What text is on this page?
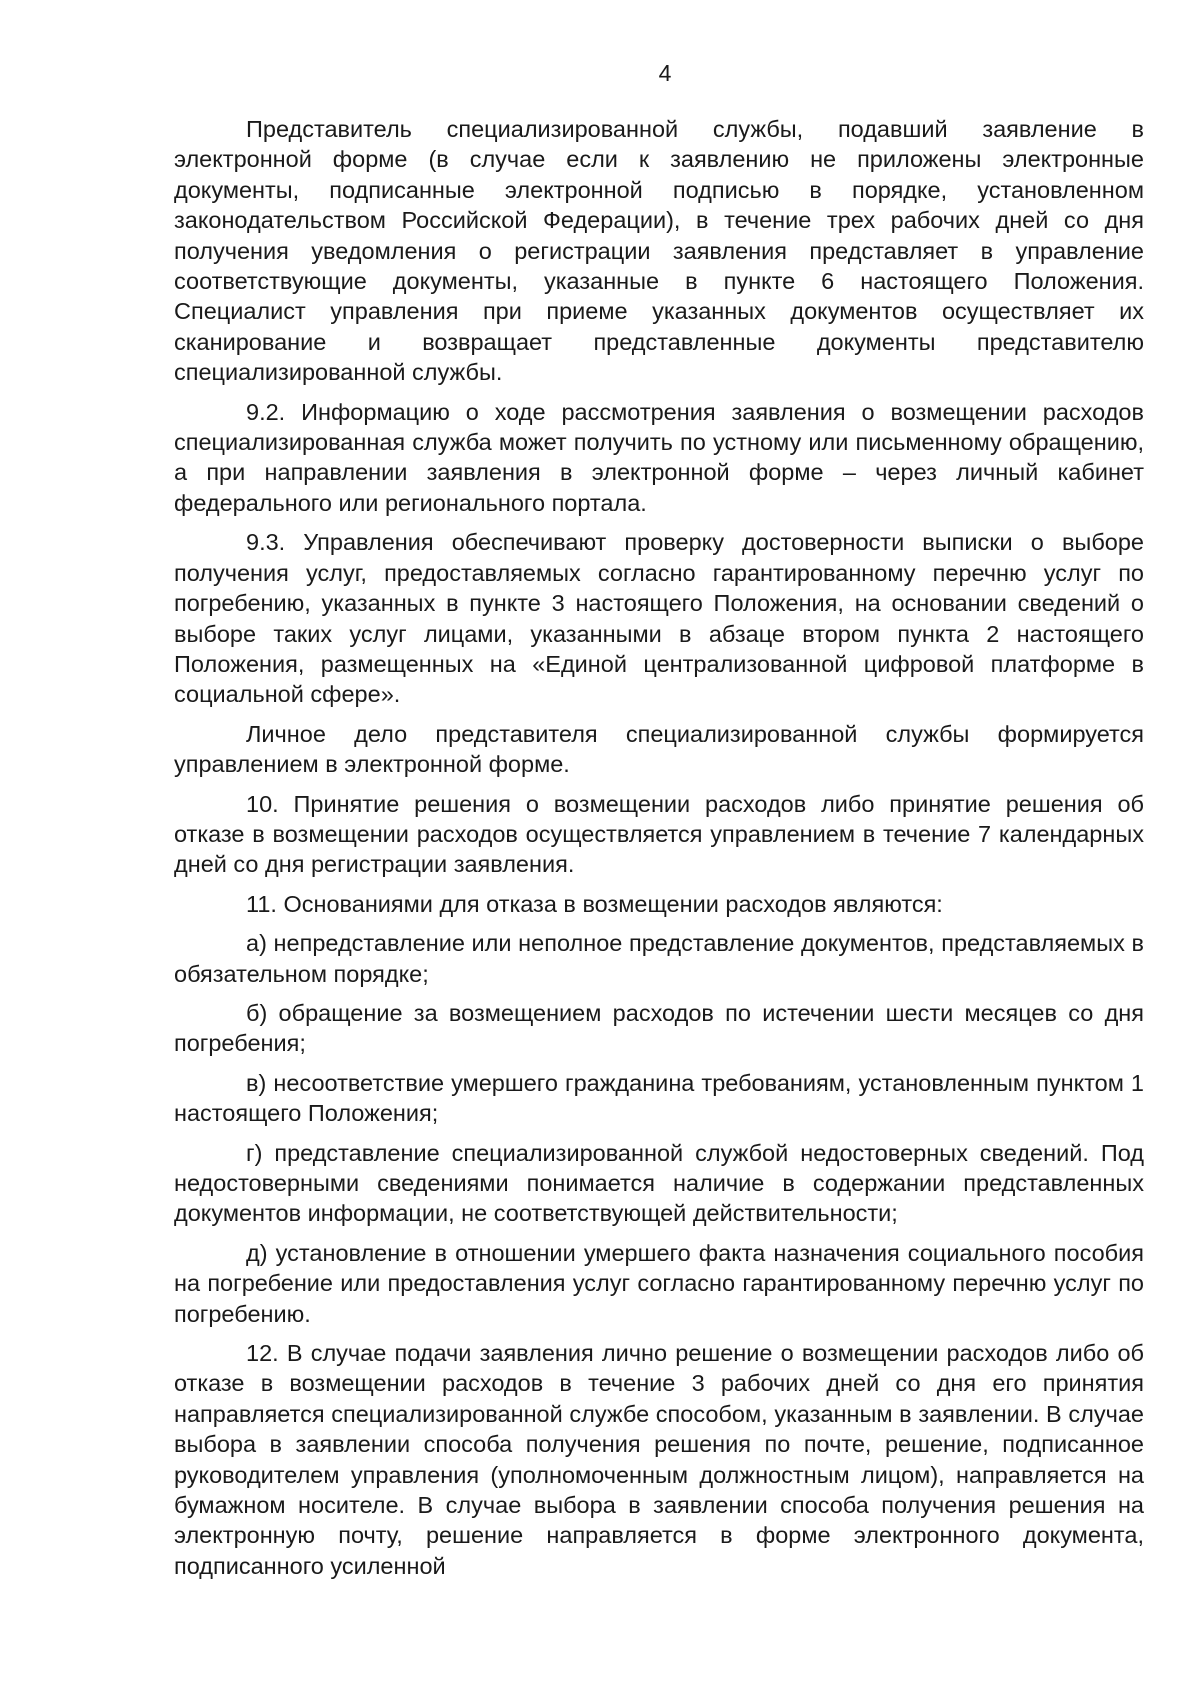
4

Представитель специализированной службы, подавший заявление в электронной форме (в случае если к заявлению не приложены электронные документы, подписанные электронной подписью в порядке, установленном законодательством Российской Федерации), в течение трех рабочих дней со дня получения уведомления о регистрации заявления представляет в управление соответствующие документы, указанные в пункте 6 настоящего Положения. Специалист управления при приеме указанных документов осуществляет их сканирование и возвращает представленные документы представителю специализированной службы.

9.2. Информацию о ходе рассмотрения заявления о возмещении расходов специализированная служба может получить по устному или письменному обращению, а при направлении заявления в электронной форме – через личный кабинет федерального или регионального портала.

9.3. Управления обеспечивают проверку достоверности выписки о выборе получения услуг, предоставляемых согласно гарантированному перечню услуг по погребению, указанных в пункте 3 настоящего Положения, на основании сведений о выборе таких услуг лицами, указанными в абзаце втором пункта 2 настоящего Положения, размещенных на «Единой централизованной цифровой платформе в социальной сфере».

Личное дело представителя специализированной службы формируется управлением в электронной форме.

10. Принятие решения о возмещении расходов либо принятие решения об отказе в возмещении расходов осуществляется управлением в течение 7 календарных дней со дня регистрации заявления.

11. Основаниями для отказа в возмещении расходов являются:

а) непредставление или неполное представление документов, представляемых в обязательном порядке;

б) обращение за возмещением расходов по истечении шести месяцев со дня погребения;

в) несоответствие умершего гражданина требованиям, установленным пунктом 1 настоящего Положения;

г) представление специализированной службой недостоверных сведений. Под недостоверными сведениями понимается наличие в содержании представленных документов информации, не соответствующей действительности;

д) установление в отношении умершего факта назначения социального пособия на погребение или предоставления услуг согласно гарантированному перечню услуг по погребению.

12. В случае подачи заявления лично решение о возмещении расходов либо об отказе в возмещении расходов в течение 3 рабочих дней со дня его принятия направляется специализированной службе способом, указанным в заявлении. В случае выбора в заявлении способа получения решения по почте, решение, подписанное руководителем управления (уполномоченным должностным лицом), направляется на бумажном носителе. В случае выбора в заявлении способа получения решения на электронную почту, решение направляется в форме электронного документа, подписанного усиленной
